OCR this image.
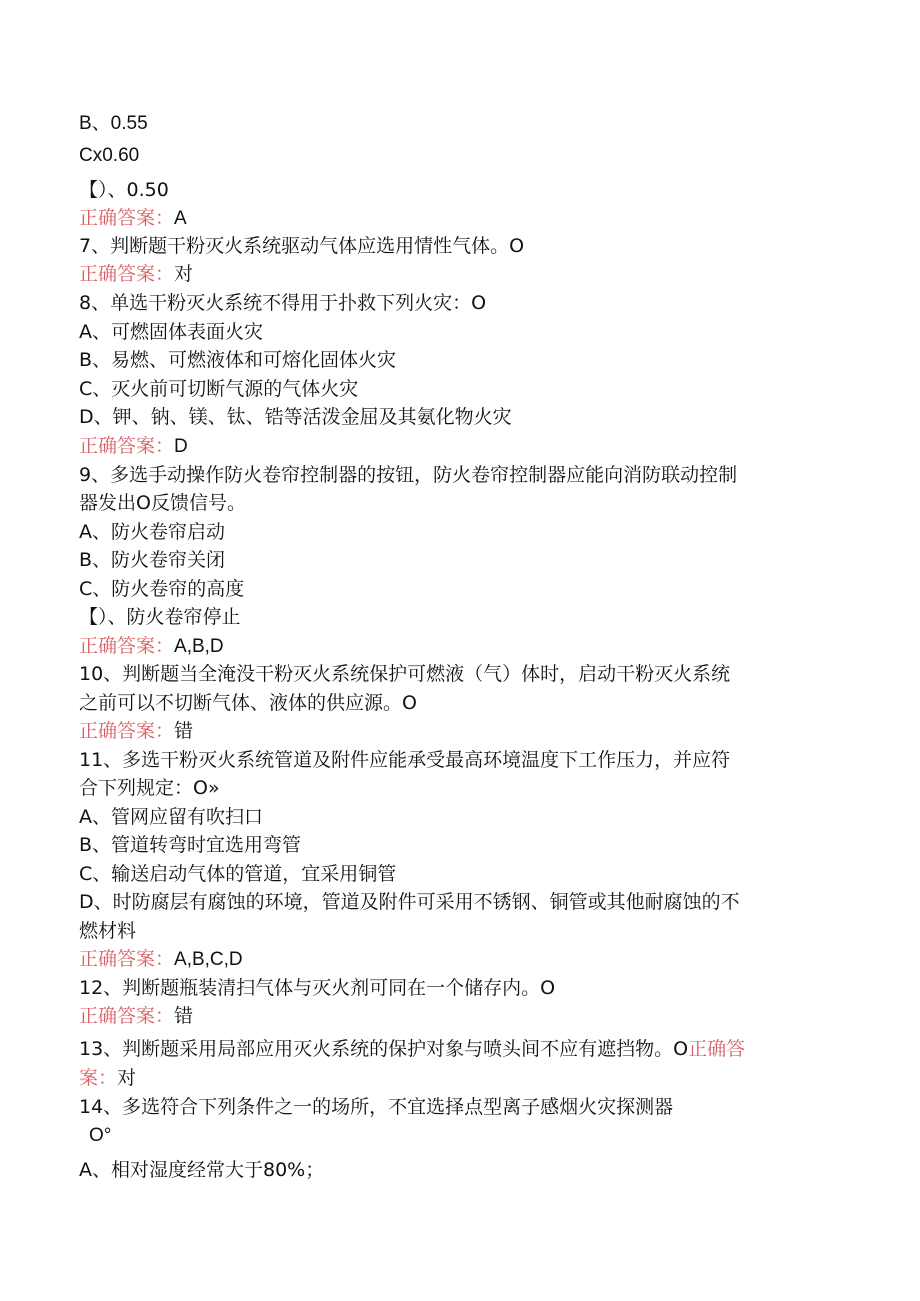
B、0.55
Cx0.60
【）、0.50
正确答案：A
7、判断题干粉灭火系统驱动气体应选用情性气体。O
正确答案：对
8、单选干粉灭火系统不得用于扑救下列火灾：O
A、可燃固体表面火灾
B、易燃、可燃液体和可熔化固体火灾
C、灭火前可切断气源的气体火灾
D、钾、钠、镁、钛、锆等活泼金屈及其氨化物火灾
正确答案：D
9、多选手动操作防火卷帘控制器的按钮，防火卷帘控制器应能向消防联动控制
器发出O反馈信号。
A、防火卷帘启动
B、防火卷帘关闭
C、防火卷帘的高度
【）、防火卷帘停止
正确答案：A,B,D
10、判断题当全淹没干粉灭火系统保护可燃液（气）体时，启动干粉灭火系统
之前可以不切断气体、液体的供应源。O
正确答案：错
11、多选干粉灭火系统管道及附件应能承受最高环境温度下工作压力，并应符
合下列规定：O»
A、管网应留有吹扫口
B、管道转弯时宜选用弯管
C、输送启动气体的管道，宜采用铜管
D、时防腐层有腐蚀的环境，管道及附件可采用不锈钢、铜管或其他耐腐蚀的不
燃材料
正确答案：A,B,C,D
12、判断题瓶装清扫气体与灭火剂可同在一个储存内。O
正确答案：错
13、判断题采用局部应用灭火系统的保护对象与喷头间不应有遮挡物。O正确答
案：对
14、多选符合下列条件之一的场所，不宜选择点型离子感烟火灾探测器
O°
A、相对湿度经常大于80%；
